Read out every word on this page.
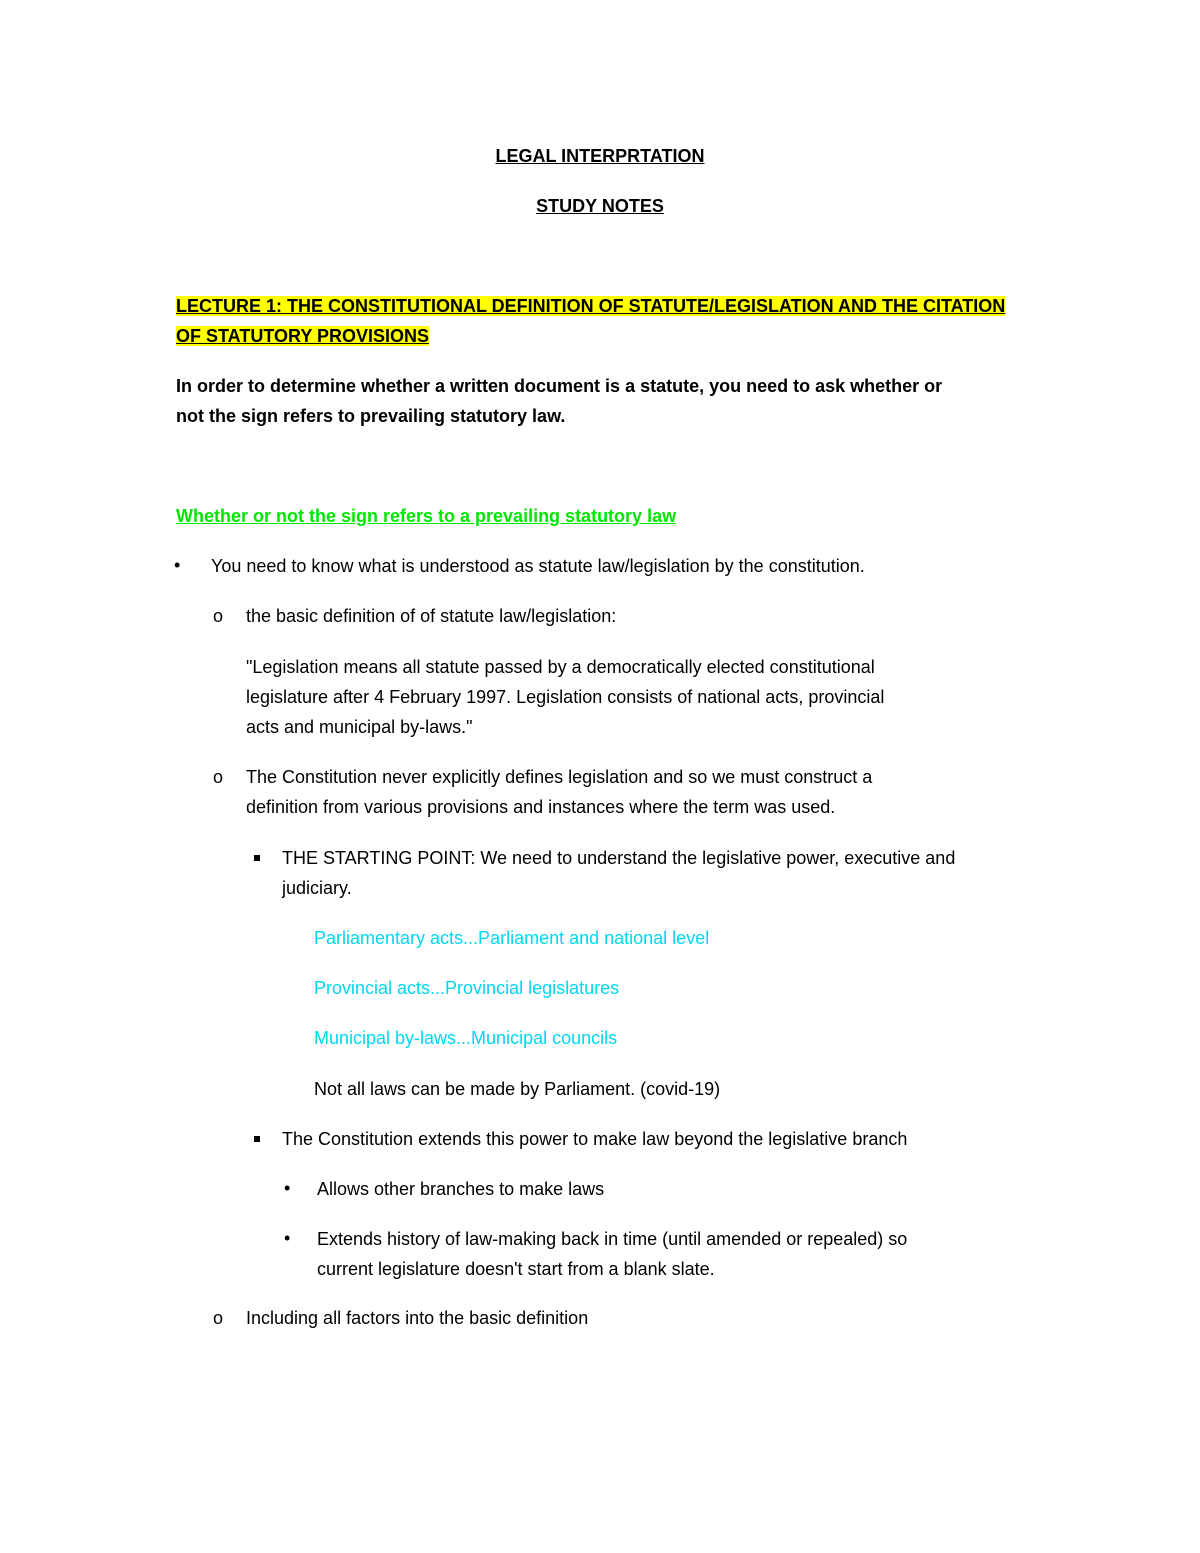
LEGAL INTERPRTATION
STUDY NOTES
LECTURE 1: THE CONSTITUTIONAL DEFINITION OF STATUTE/LEGISLATION AND THE CITATION
OF STATUTORY PROVISIONS
In order to determine whether a written document is a statute, you need to ask whether or
not the sign refers to prevailing statutory law.
Whether or not the sign refers to a prevailing statutory law
• You need to know what is understood as statute law/legislation by the constitution.
o the basic definition of of statute law/legislation:
"Legislation means all statute passed by a democratically elected constitutional
legislature after 4 February 1997. Legislation consists of national acts, provincial
acts and municipal by-laws."
o The Constitution never explicitly defines legislation and so we must construct a
definition from various provisions and instances where the term was used.
THE STARTING POINT: We need to understand the legislative power, executive and
judiciary.
Parliamentary acts...Parliament and national level
Provincial acts...Provincial legislatures
Municipal by-laws...Municipal councils
Not all laws can be made by Parliament. (covid-19)
The Constitution extends this power to make law beyond the legislative branch
• Allows other branches to make laws
• Extends history of law-making back in time (until amended or repealed) so
current legislature doesn't start from a blank slate.
o Including all factors into the basic definition
